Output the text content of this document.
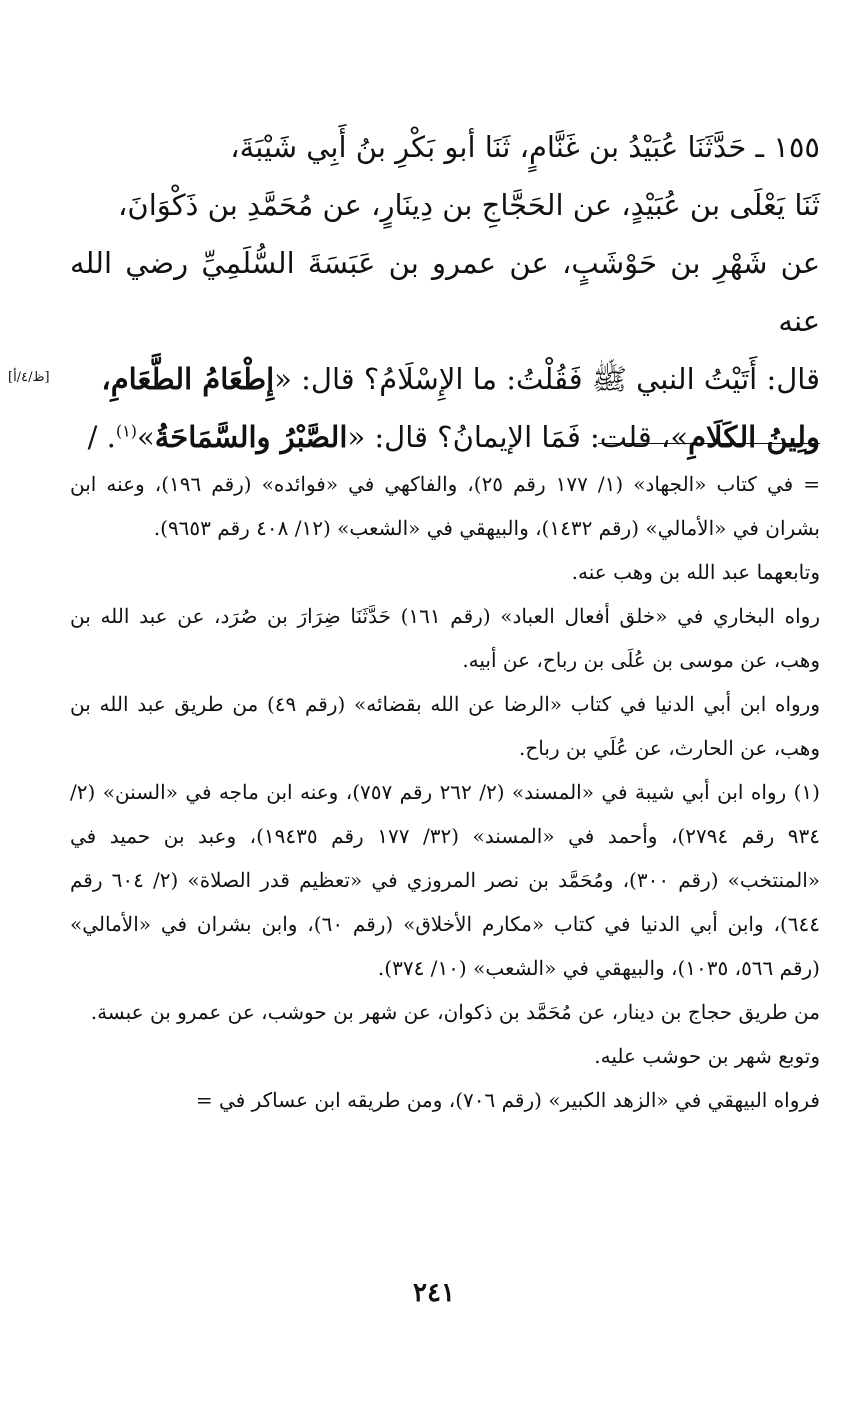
١٥٥ ـ حَدَّثَنَا عُبَيْدُ بن غَنَّامٍ، ثَنَا أبو بَكْرِ بنُ أَبِي شَيْبَةَ،

ثَنَا يَعْلَى بن عُبَيْدٍ، عن الحَجَّاجِ بن دِينَارٍ، عن مُحَمَّدِ بن ذَكْوَانَ،

عن شَهْرِ بن حَوْشَبٍ، عن عمرو بن عَبَسَةَ السُّلَمِيِّ رضي الله عنه

قال: أَتَيْتُ النبي ﷺ فَقُلْتُ: ما الإِسْلَامُ؟ قال: «إِطْعَامُ الطَّعَامِ،

ولِينُ الكَلَامِ»، قلت: فَمَا الإيمانُ؟ قال: «الصَّبْرُ والسَّمَاحَةُ»$^{(١)}$. /

[ظ/٤/أ]

= في كتاب «الجهاد» (١/ ١٧٧ رقم ٢٥)، والفاكهي في «فوائده» (رقم ١٩٦)، وعنه ابن بشران في «الأمالي» (رقم ١٤٣٢)، والبيهقي في «الشعب» (١٢/ ٤٠٨ رقم ٩٦٥٣).

وتابعهما عبد الله بن وهب عنه.

رواه البخاري في «خلق أفعال العباد» (رقم ١٦١) حَدَّثَنَا ضِرَارَ بن صُرَد، عن عبد الله بن وهب، عن موسى بن عُلَى بن رباح، عن أبيه.

ورواه ابن أبي الدنيا في كتاب «الرضا عن الله بقضائه» (رقم ٤٩) من طريق عبد الله بن وهب، عن الحارث، عن عُلَي بن رباح.

(١) رواه ابن أبي شيبة في «المسند» (٢/ ٢٦٢ رقم ٧٥٧)، وعنه ابن ماجه في «السنن» (٢/ ٩٣٤ رقم ٢٧٩٤)، وأحمد في «المسند» (٣٢/ ١٧٧ رقم ١٩٤٣٥)، وعبد بن حميد في «المنتخب» (رقم ٣٠٠)، ومُحَمَّد بن نصر المروزي في «تعظيم قدر الصلاة» (٢/ ٦٠٤ رقم ٦٤٤)، وابن أبي الدنيا في كتاب «مكارم الأخلاق» (رقم ٦٠)، وابن بشران في «الأمالي» (رقم ٥٦٦، ١٠٣٥)، والبيهقي في «الشعب» (١٠/ ٣٧٤).

من طريق حجاج بن دينار، عن مُحَمَّد بن ذكوان، عن شهر بن حوشب، عن عمرو بن عبسة.

وتوبع شهر بن حوشب عليه.

فرواه البيهقي في «الزهد الكبير» (رقم ٧٠٦)، ومن طريقه ابن عساكر في =

٢٤١
